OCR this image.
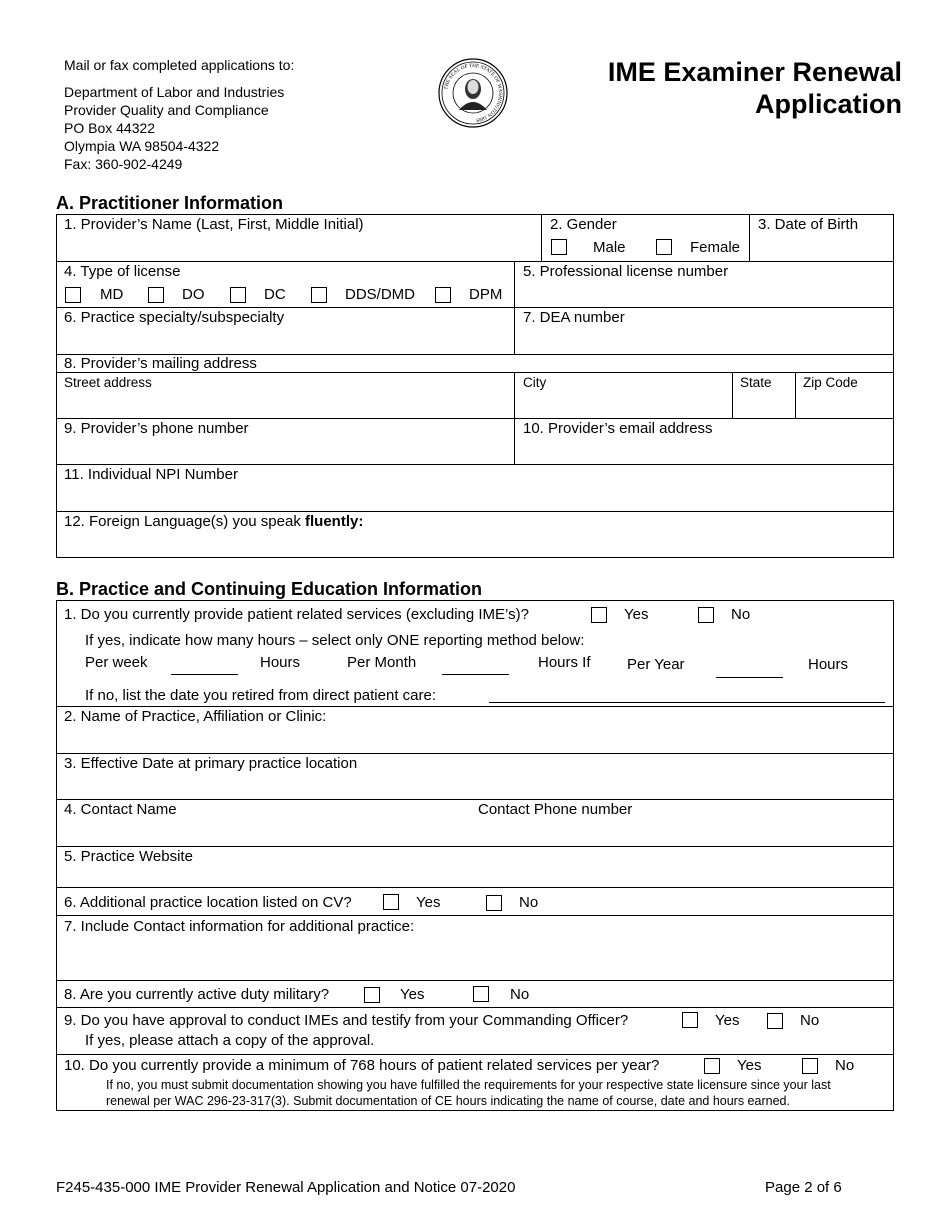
Mail or fax completed applications to:
Department of Labor and Industries
Provider Quality and Compliance
PO Box 44322
Olympia WA 98504-4322
Fax: 360-902-4249
THE SEAL OF THE STATE OF WASHINGTON 1889
IME Examiner Renewal
Application
A. Practitioner Information
1. Provider’s Name (Last, First, Middle Initial)	2. Gender
Male	Female
3. Date of Birth
4. Type of license
MD	DO	DC	DDS/DMD	DPM
5. Professional license number
6. Practice specialty/subspecialty	7. DEA number
8. Provider’s mailing address
Street address	City	State Zip Code
9. Provider’s phone number	10. Provider’s email address
11. Individual NPI Number
12. Foreign Language(s) you speak fluently:
B. Practice and Continuing Education Information
1. Do you currently provide patient related services (excluding IME’s)?	Yes	No
If yes, indicate how many hours – select only ONE reporting method below:
Per week	Hours	Per Month	Hours If Per Year	Hours
If no, list the date you retired from direct patient care:
2. Name of Practice, Affiliation or Clinic:
3. Effective Date at primary practice location
4. Contact Name	Contact Phone number
5. Practice Website
6. Additional practice location listed on CV?	Yes	No
7. Include Contact information for additional practice:
8. Are you currently active duty military?	Yes	No
9. Do you have approval to conduct IMEs and testify from your Commanding Officer?	Yes	No
If yes, please attach a copy of the approval.
10. Do you currently provide a minimum of 768 hours of patient related services per year?	Yes	No
If no, you must submit documentation showing you have fulfilled the requirements for your respective state licensure since your last
renewal per WAC 296-23-317(3). Submit documentation of CE hours indicating the name of course, date and hours earned.
F245-435-000 IME Provider Renewal Application and Notice 07-2020	Page 2 of 6
